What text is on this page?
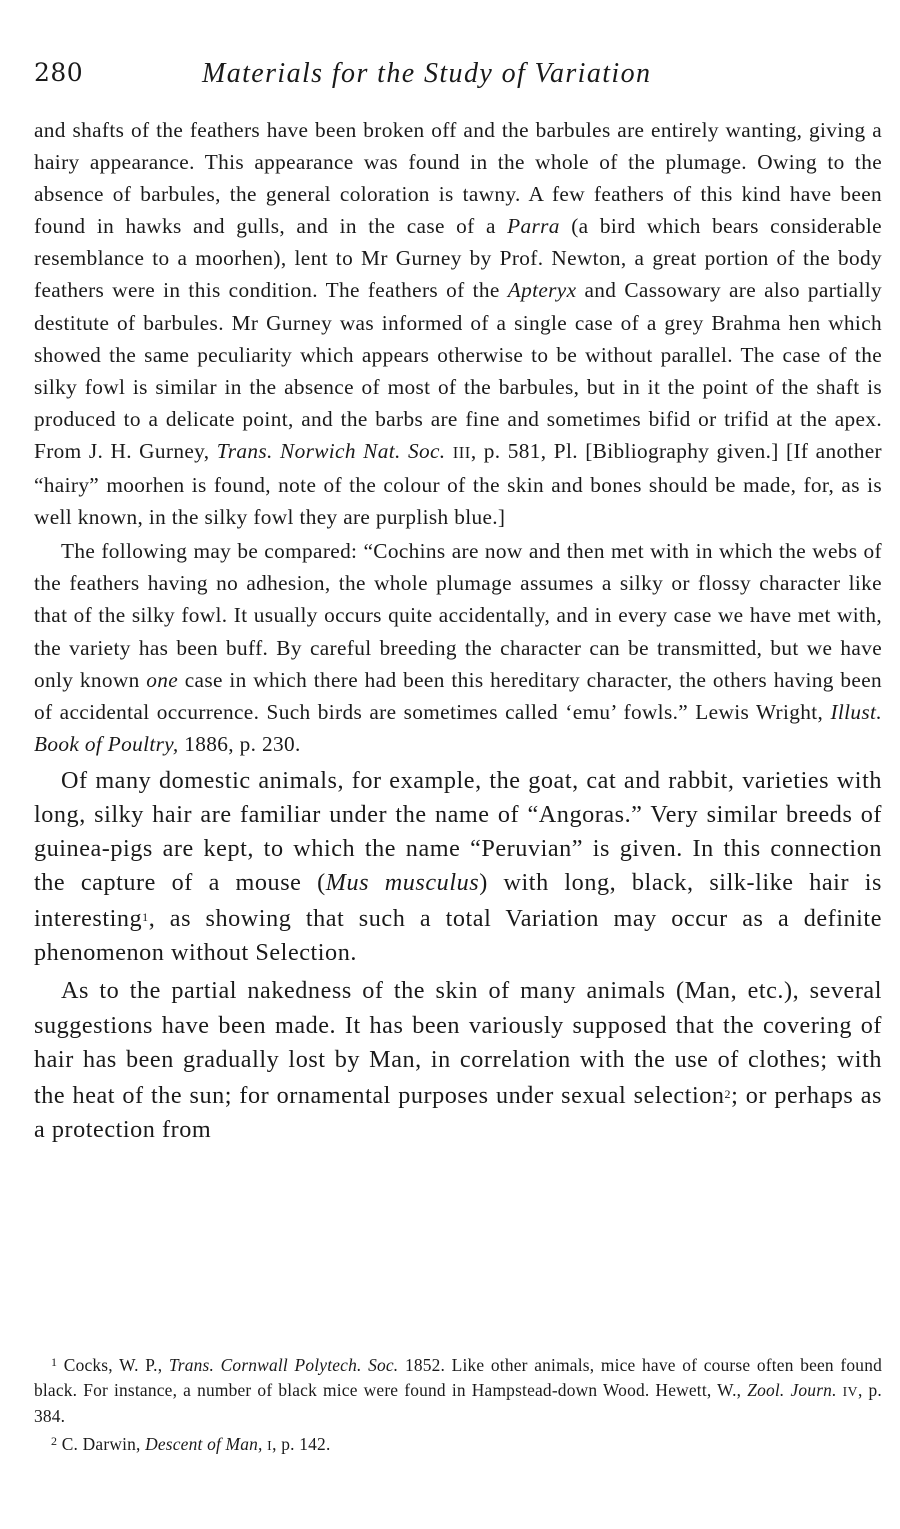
280	Materials for the Study of Variation

and shafts of the feathers have been broken off and the barbules are entirely wanting, giving a hairy appearance. This appearance was found in the whole of the plumage. Owing to the absence of barbules, the general coloration is tawny. A few feathers of this kind have been found in hawks and gulls, and in the case of a Parra (a bird which bears considerable resemblance to a moorhen), lent to Mr Gurney by Prof. Newton, a great portion of the body feathers were in this condition. The feathers of the Apteryx and Cassowary are also partially destitute of barbules. Mr Gurney was informed of a single case of a grey Brahma hen which showed the same peculiarity which appears otherwise to be without parallel. The case of the silky fowl is similar in the absence of most of the barbules, but in it the point of the shaft is produced to a delicate point, and the barbs are fine and sometimes bifid or trifid at the apex. From J. H. Gurney, Trans. Norwich Nat. Soc. III, p. 581, Pl. [Bibliography given.] [If another “hairy” moorhen is found, note of the colour of the skin and bones should be made, for, as is well known, in the silky fowl they are purplish blue.]

The following may be compared: “Cochins are now and then met with in which the webs of the feathers having no adhesion, the whole plumage assumes a silky or flossy character like that of the silky fowl. It usually occurs quite accidentally, and in every case we have met with, the variety has been buff. By careful breeding the character can be transmitted, but we have only known one case in which there had been this hereditary character, the others having been of accidental occurrence. Such birds are sometimes called ‘emu’ fowls.” Lewis Wright, Illust. Book of Poultry, 1886, p. 230.

Of many domestic animals, for example, the goat, cat and rabbit, varieties with long, silky hair are familiar under the name of “Angoras.” Very similar breeds of guinea-pigs are kept, to which the name “Peruvian” is given. In this connection the capture of a mouse (Mus musculus) with long, black, silk-like hair is interesting$^1$, as showing that such a total Variation may occur as a definite phenomenon without Selection.

As to the partial nakedness of the skin of many animals (Man, etc.), several suggestions have been made. It has been variously supposed that the covering of hair has been gradually lost by Man, in correlation with the use of clothes; with the heat of the sun; for ornamental purposes under sexual selection$^2$; or perhaps as a protection from

$^1$ Cocks, W. P., Trans. Cornwall Polytech. Soc. 1852. Like other animals, mice have of course often been found black. For instance, a number of black mice were found in Hampstead-down Wood. Hewett, W., Zool. Journ. IV, p. 384.

$^2$ C. Darwin, Descent of Man, I, p. 142.
